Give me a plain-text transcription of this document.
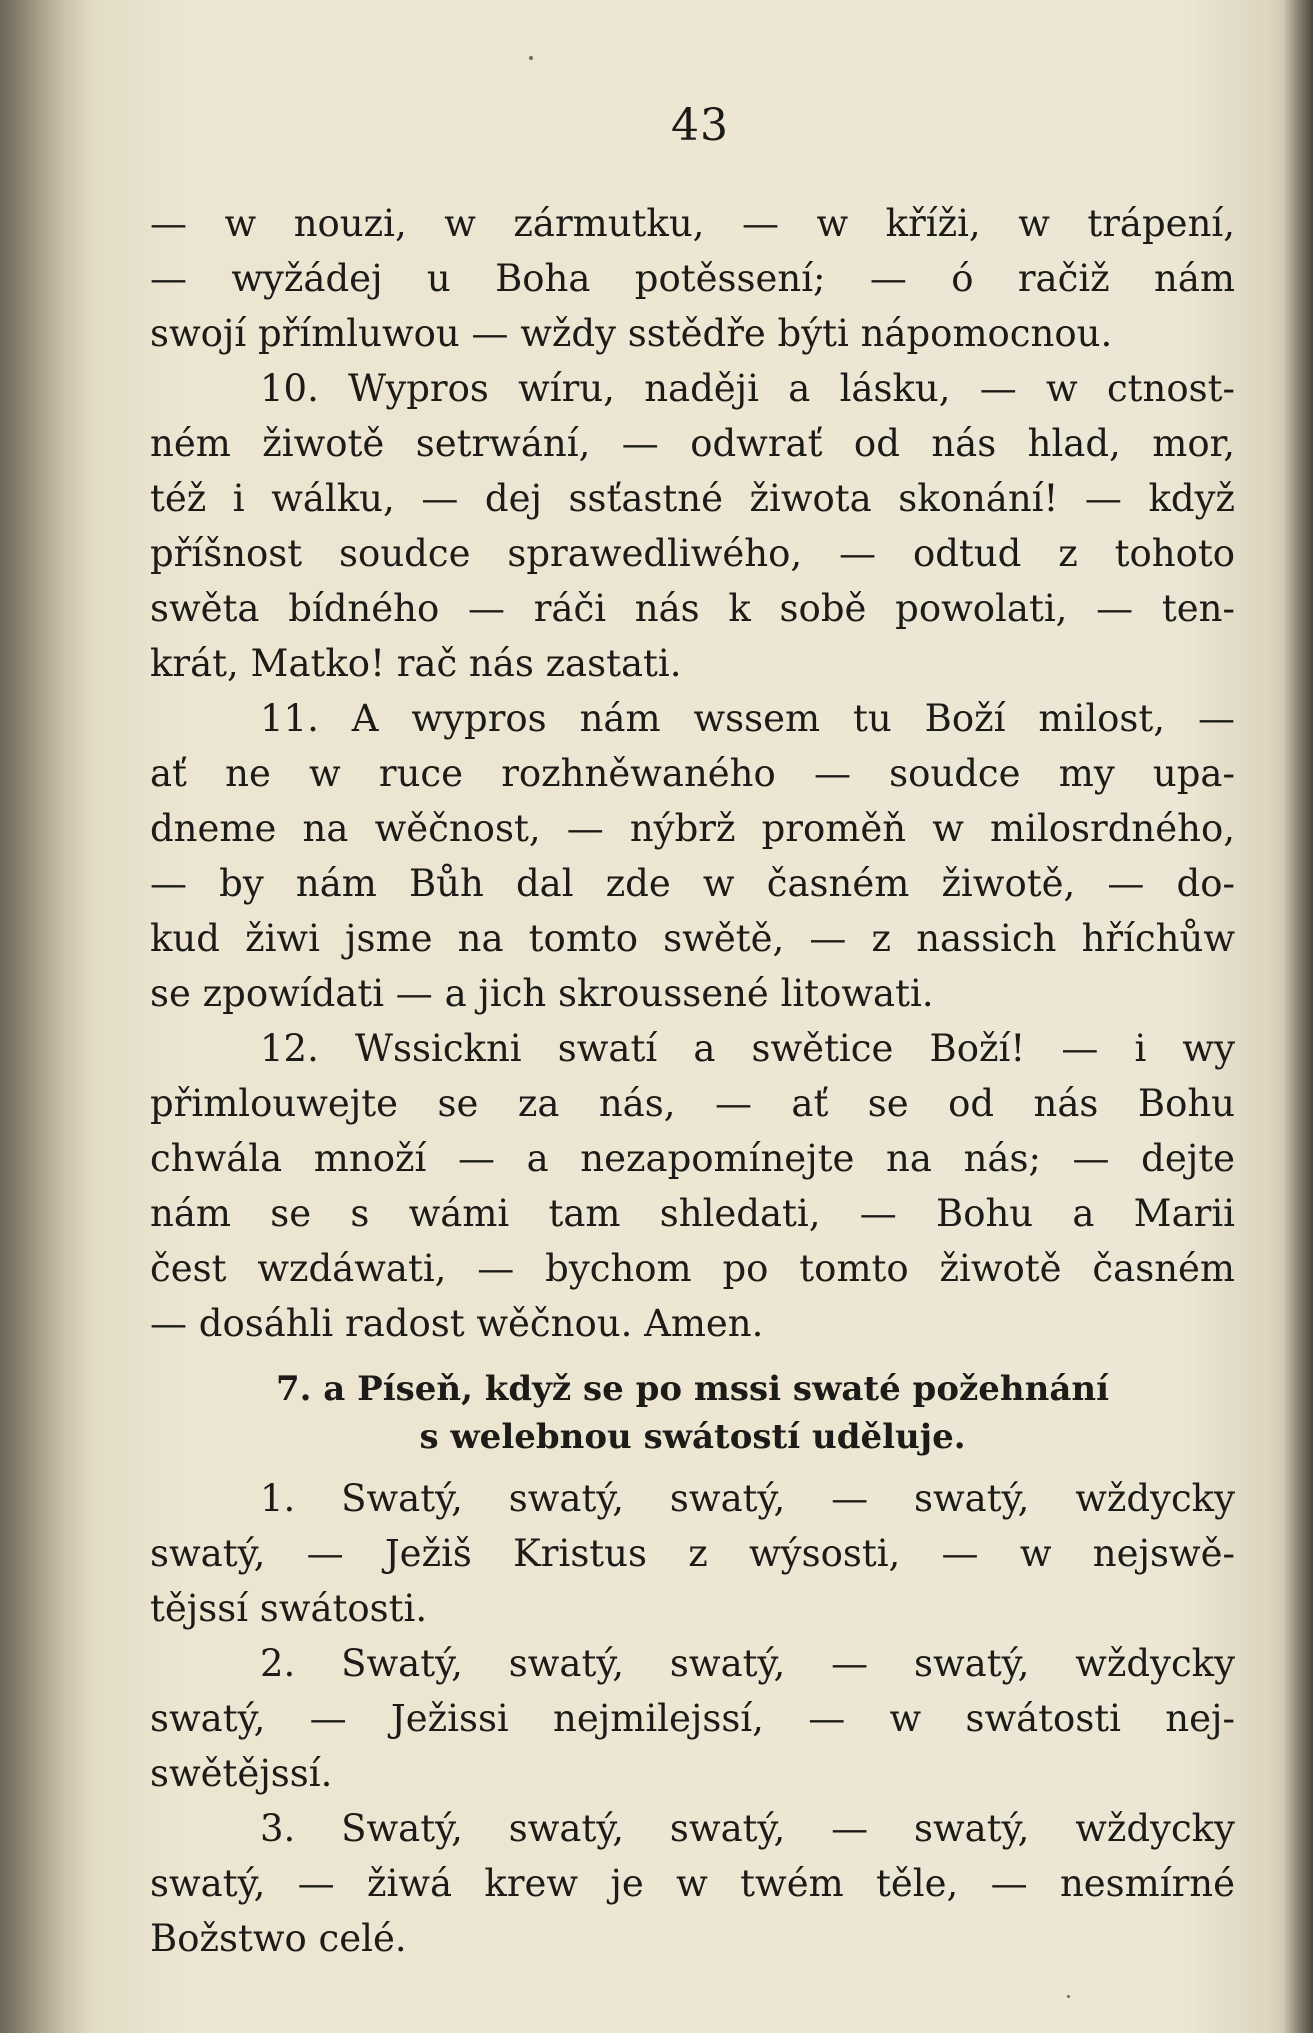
43
— w nouzi, w zármutku, — w kříži, w trápení,
— wyžádej u Boha potěssení; — ó račiž nám
swojí přímluwou — wždy sstědře býti nápomocnou.
10. Wypros wíru, naději a lásku, — w ctnost-
ném žiwotě setrwání, — odwrať od nás hlad, mor,
též i wálku, — dej ssťastné žiwota skonání! — když
příšnost soudce sprawedliwého, — odtud z tohoto
swěta bídného — ráči nás k sobě powolati, — ten-
krát, Matko! rač nás zastati.
11. A wypros nám wssem tu Boží milost, —
ať ne w ruce rozhněwaného — soudce my upa-
dneme na wěčnost, — nýbrž proměň w milosrdného,
— by nám Bůh dal zde w časném žiwotě, — do-
kud žiwi jsme na tomto swětě, — z nassich hříchůw
se zpowídati — a jich skroussené litowati.
12. Wssickni swatí a swětice Boží! — i wy
přimlouwejte se za nás, — ať se od nás Bohu
chwála množí — a nezapomínejte na nás; — dejte
nám se s wámi tam shledati, — Bohu a Marii
čest wzdáwati, — bychom po tomto žiwotě časném
— dosáhli radost wěčnou. Amen.
7. a Píseň, když se po mssi swaté požehnání
s welebnou swátostí uděluje.
1. Swatý, swatý, swatý, — swatý, wždycky
swatý, — Ježiš Kristus z wýsosti, — w nejswě-
tějssí swátosti.
2. Swatý, swatý, swatý, — swatý, wždycky
swatý, — Ježissi nejmilejssí, — w swátosti nej-
swětějssí.
3. Swatý, swatý, swatý, — swatý, wždycky
swatý, — žiwá krew je w twém těle, — nesmírné
Božstwo celé.
